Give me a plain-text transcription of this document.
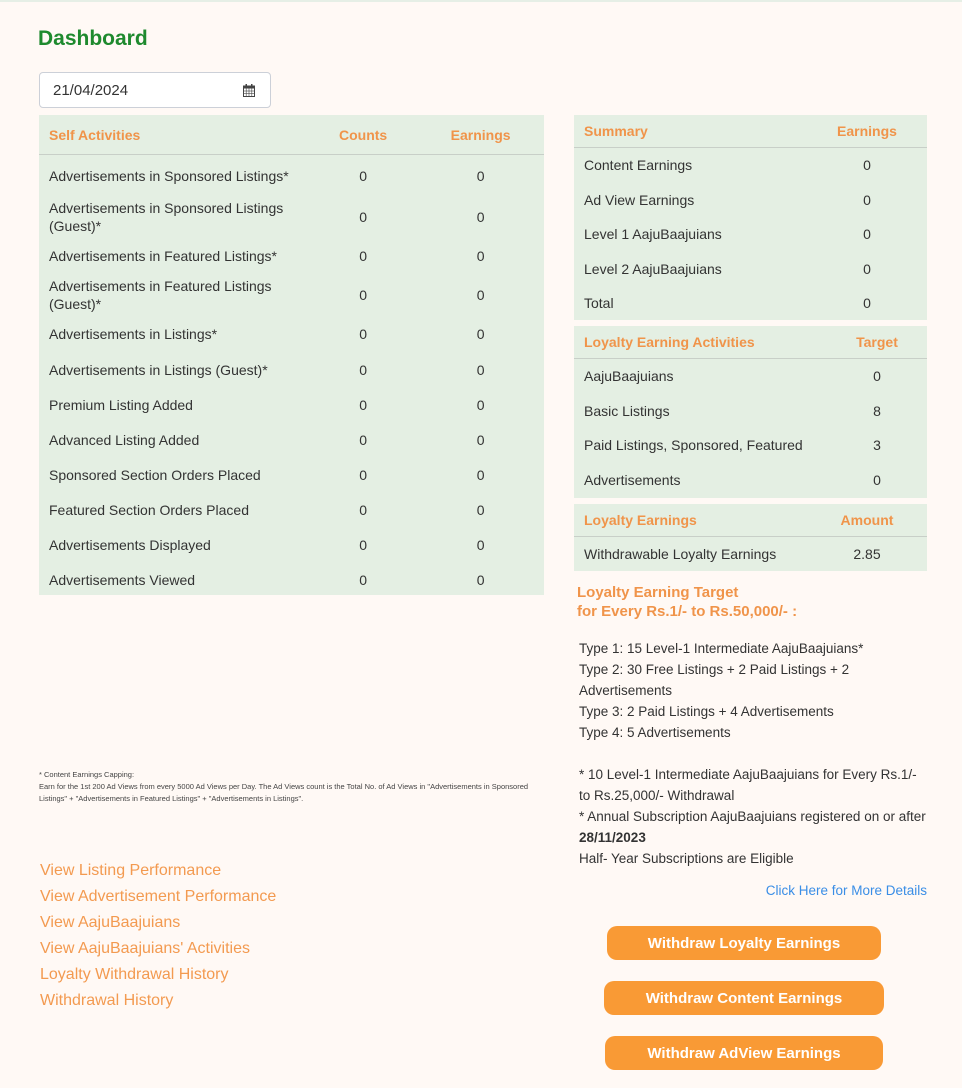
Dashboard
21/04/2024
Self Activities	Counts	Earnings
Advertisements in Sponsored Listings*	0	0
Advertisements in Sponsored Listings (Guest)*	0	0
Advertisements in Featured Listings*	0	0
Advertisements in Featured Listings (Guest)*	0	0
Advertisements in Listings*	0	0
Advertisements in Listings (Guest)*	0	0
Premium Listing Added	0	0
Advanced Listing Added	0	0
Sponsored Section Orders Placed	0	0
Featured Section Orders Placed	0	0
Advertisements Displayed	0	0
Advertisements Viewed	0	0
Summary	Earnings
Content Earnings	0
Ad View Earnings	0
Level 1 AajuBaajuians	0
Level 2 AajuBaajuians	0
Total	0
Loyalty Earning Activities	Target
AajuBaajuians	0
Basic Listings	8
Paid Listings, Sponsored, Featured	3
Advertisements	0
Loyalty Earnings	Amount
Withdrawable Loyalty Earnings	2.85
Loyalty Earning Target
for Every Rs.1/- to Rs.50,000/- :
Type 1: 15 Level-1 Intermediate AajuBaajuians*
Type 2: 30 Free Listings + 2 Paid Listings + 2 Advertisements
Type 3: 2 Paid Listings + 4 Advertisements
Type 4: 5 Advertisements
* 10 Level-1 Intermediate AajuBaajuians for Every Rs.1/- to Rs.25,000/- Withdrawal
* Annual Subscription AajuBaajuians registered on or after 28/11/2023
Half- Year Subscriptions are Eligible
Click Here for More Details
* Content Earnings Capping:
Earn for the 1st 200 Ad Views from every 5000 Ad Views per Day. The Ad Views count is the Total No. of Ad Views in "Advertisements in Sponsored Listings" + "Advertisements in Featured Listings" + "Advertisements in Listings".
View Listing Performance
View Advertisement Performance
View AajuBaajuians
View AajuBaajuians' Activities
Loyalty Withdrawal History
Withdrawal History
Withdraw Loyalty Earnings
Withdraw Content Earnings
Withdraw AdView Earnings
